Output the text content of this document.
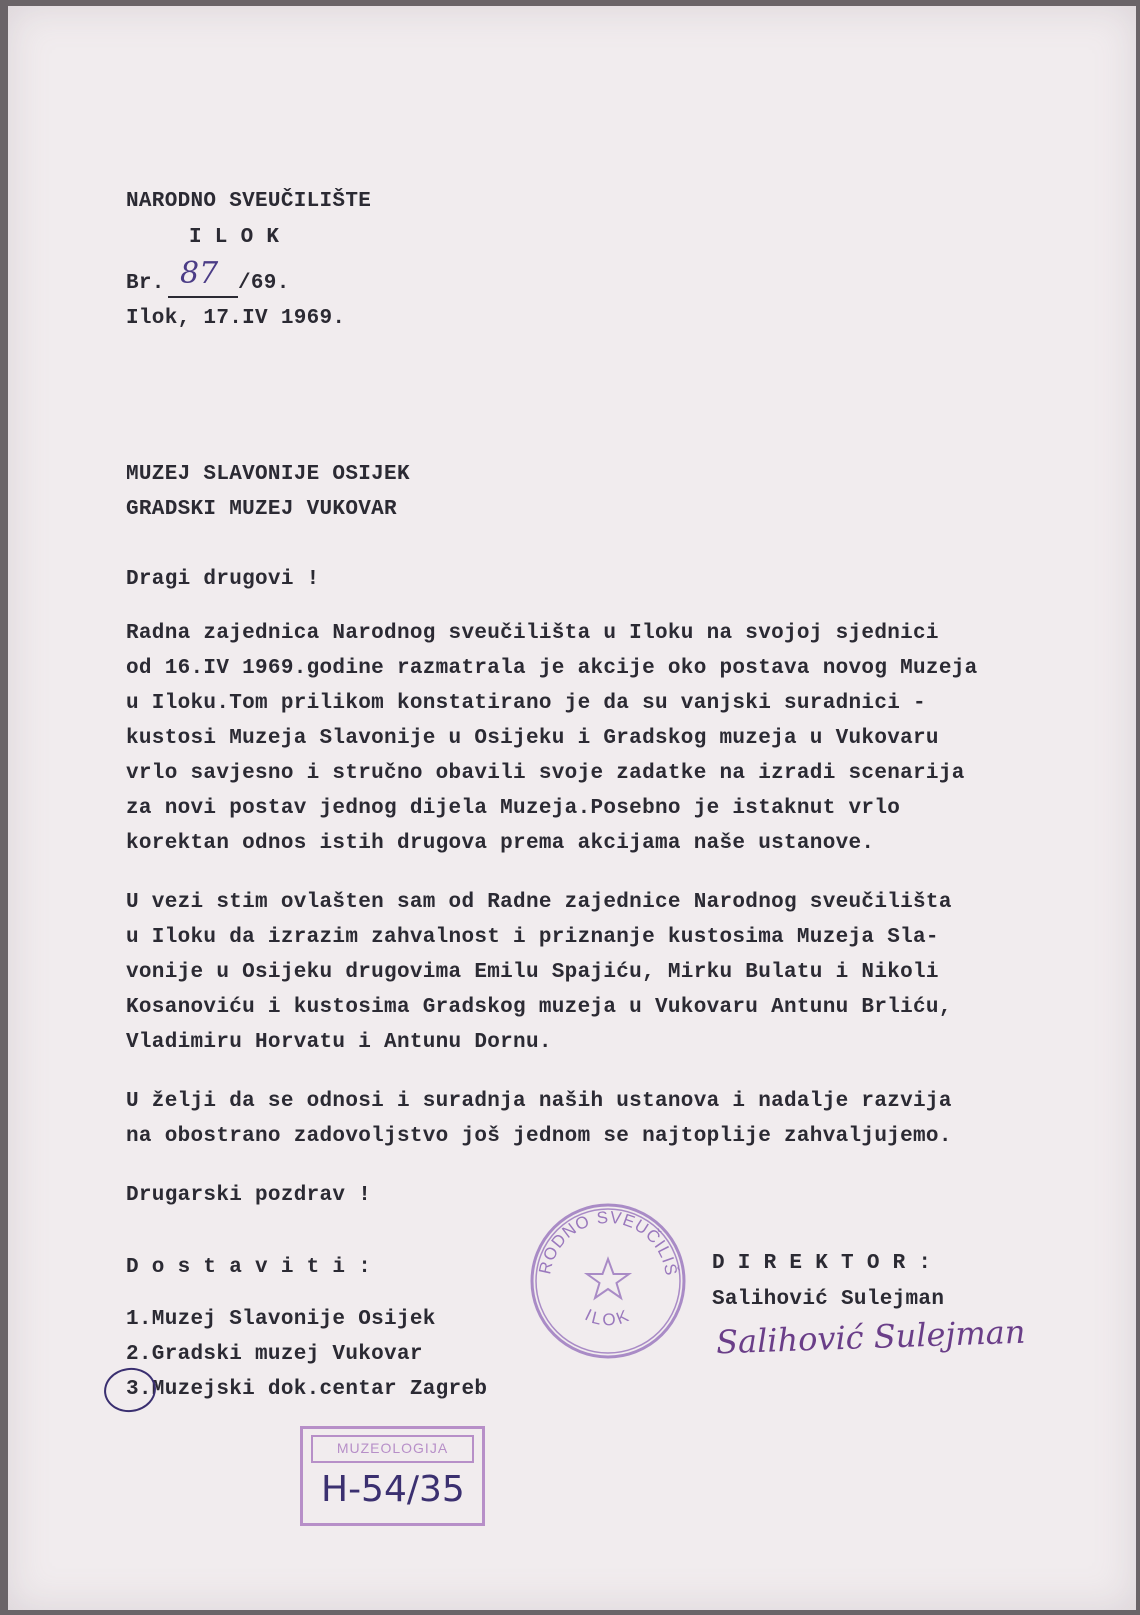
NARODNO SVEUČILIŠTE
I L O K
Br. 87 /69.
Ilok, 17.IV 1969.
MUZEJ SLAVONIJE OSIJEK
GRADSKI MUZEJ VUKOVAR
Dragi drugovi !
Radna zajednica Narodnog sveučilišta u Iloku na svojoj sjednici
od 16.IV 1969.godine razmatrala je akcije oko postava novog Muzeja
u Iloku.Tom prilikom konstatirano je da su vanjski suradnici -
kustosi Muzeja Slavonije u Osijeku i Gradskog muzeja u Vukovaru
vrlo savjesno i stručno obavili svoje zadatke na izradi scenarija
za novi postav jednog dijela Muzeja.Posebno je istaknut vrlo
korektan odnos istih drugova prema akcijama naše ustanove.
U vezi stim ovlašten sam od Radne zajednice Narodnog sveučilišta
u Iloku da izrazim zahvalnost i priznanje kustosima Muzeja Sla-
vonije u Osijeku drugovima Emilu Spajiću, Mirku Bulatu i Nikoli
Kosanoviću i kustosima Gradskog muzeja u Vukovaru Antunu Brliću,
Vladimiru Horvatu i Antunu Dornu.
U želji da se odnosi i suradnja naših ustanova i nadalje razvija
na obostrano zadovoljstvo još jednom se najtoplije zahvaljujemo.
Drugarski pozdrav !
D o s t a v i t i :
1.Muzej Slavonije Osijek
2.Gradski muzej Vukovar
3.Muzejski dok.centar Zagreb
D I R E K T O R :
Salihović Sulejman
Salihović Sulejman
RODNO SVEUČILIŠ
ILOK
MUZEOLOGIJA
H-54/35
